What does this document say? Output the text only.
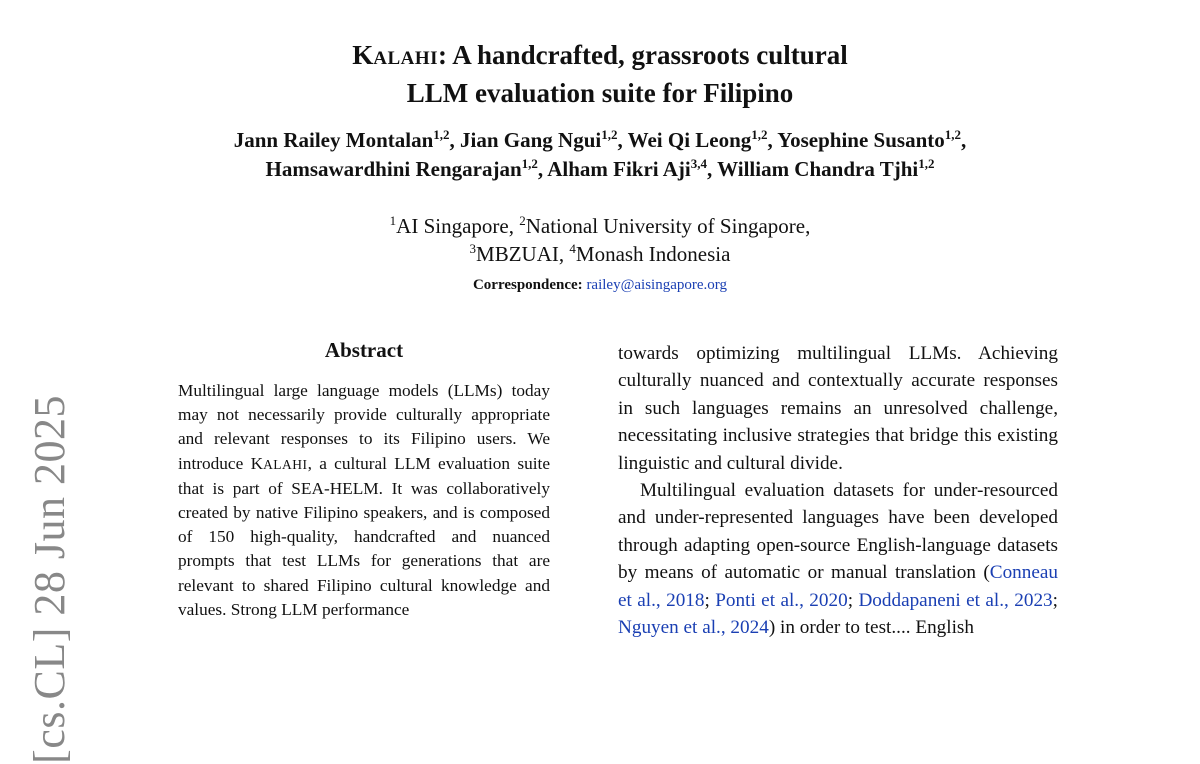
KALAHI: A handcrafted, grassroots cultural
LLM evaluation suite for Filipino
Jann Railey Montalan$^{1,2}$, Jian Gang Ngui$^{1,2}$, Wei Qi Leong$^{1,2}$, Yosephine Susanto$^{1,2}$,
Hamsawardhini Rengarajan$^{1,2}$, Alham Fikri Aji$^{3,4}$, William Chandra Tjhi$^{1,2}$
$^1$AI Singapore, $^2$National University of Singapore,
$^3$MBZUAI, $^4$Monash Indonesia
Correspondence: railey@aisingapore.org
Abstract
Multilingual large language models (LLMs) today may not necessarily provide culturally appropriate and relevant responses to its Filipino users. We introduce KALAHI, a cultural LLM evaluation suite that is part of SEA-HELM. It was collaboratively created by native Filipino speakers, and is composed of 150 high-quality, handcrafted and nuanced prompts that test LLMs for generations that are relevant to shared Filipino cultural knowledge and values. Strong LLM performance

towards optimizing multilingual LLMs. Achieving culturally nuanced and contextually accurate responses in such languages remains an unresolved challenge, necessitating inclusive strategies that bridge this existing linguistic and cultural divide.

Multilingual evaluation datasets for under-resourced and under-represented languages have been developed through adapting open-source English-language datasets by means of automatic or manual translation (Conneau et al., 2018; Ponti et al., 2020; Doddapaneni et al., 2023; Nguyen et al., 2024) in order to test.... English

[cs.CL] 28 Jun 2025
